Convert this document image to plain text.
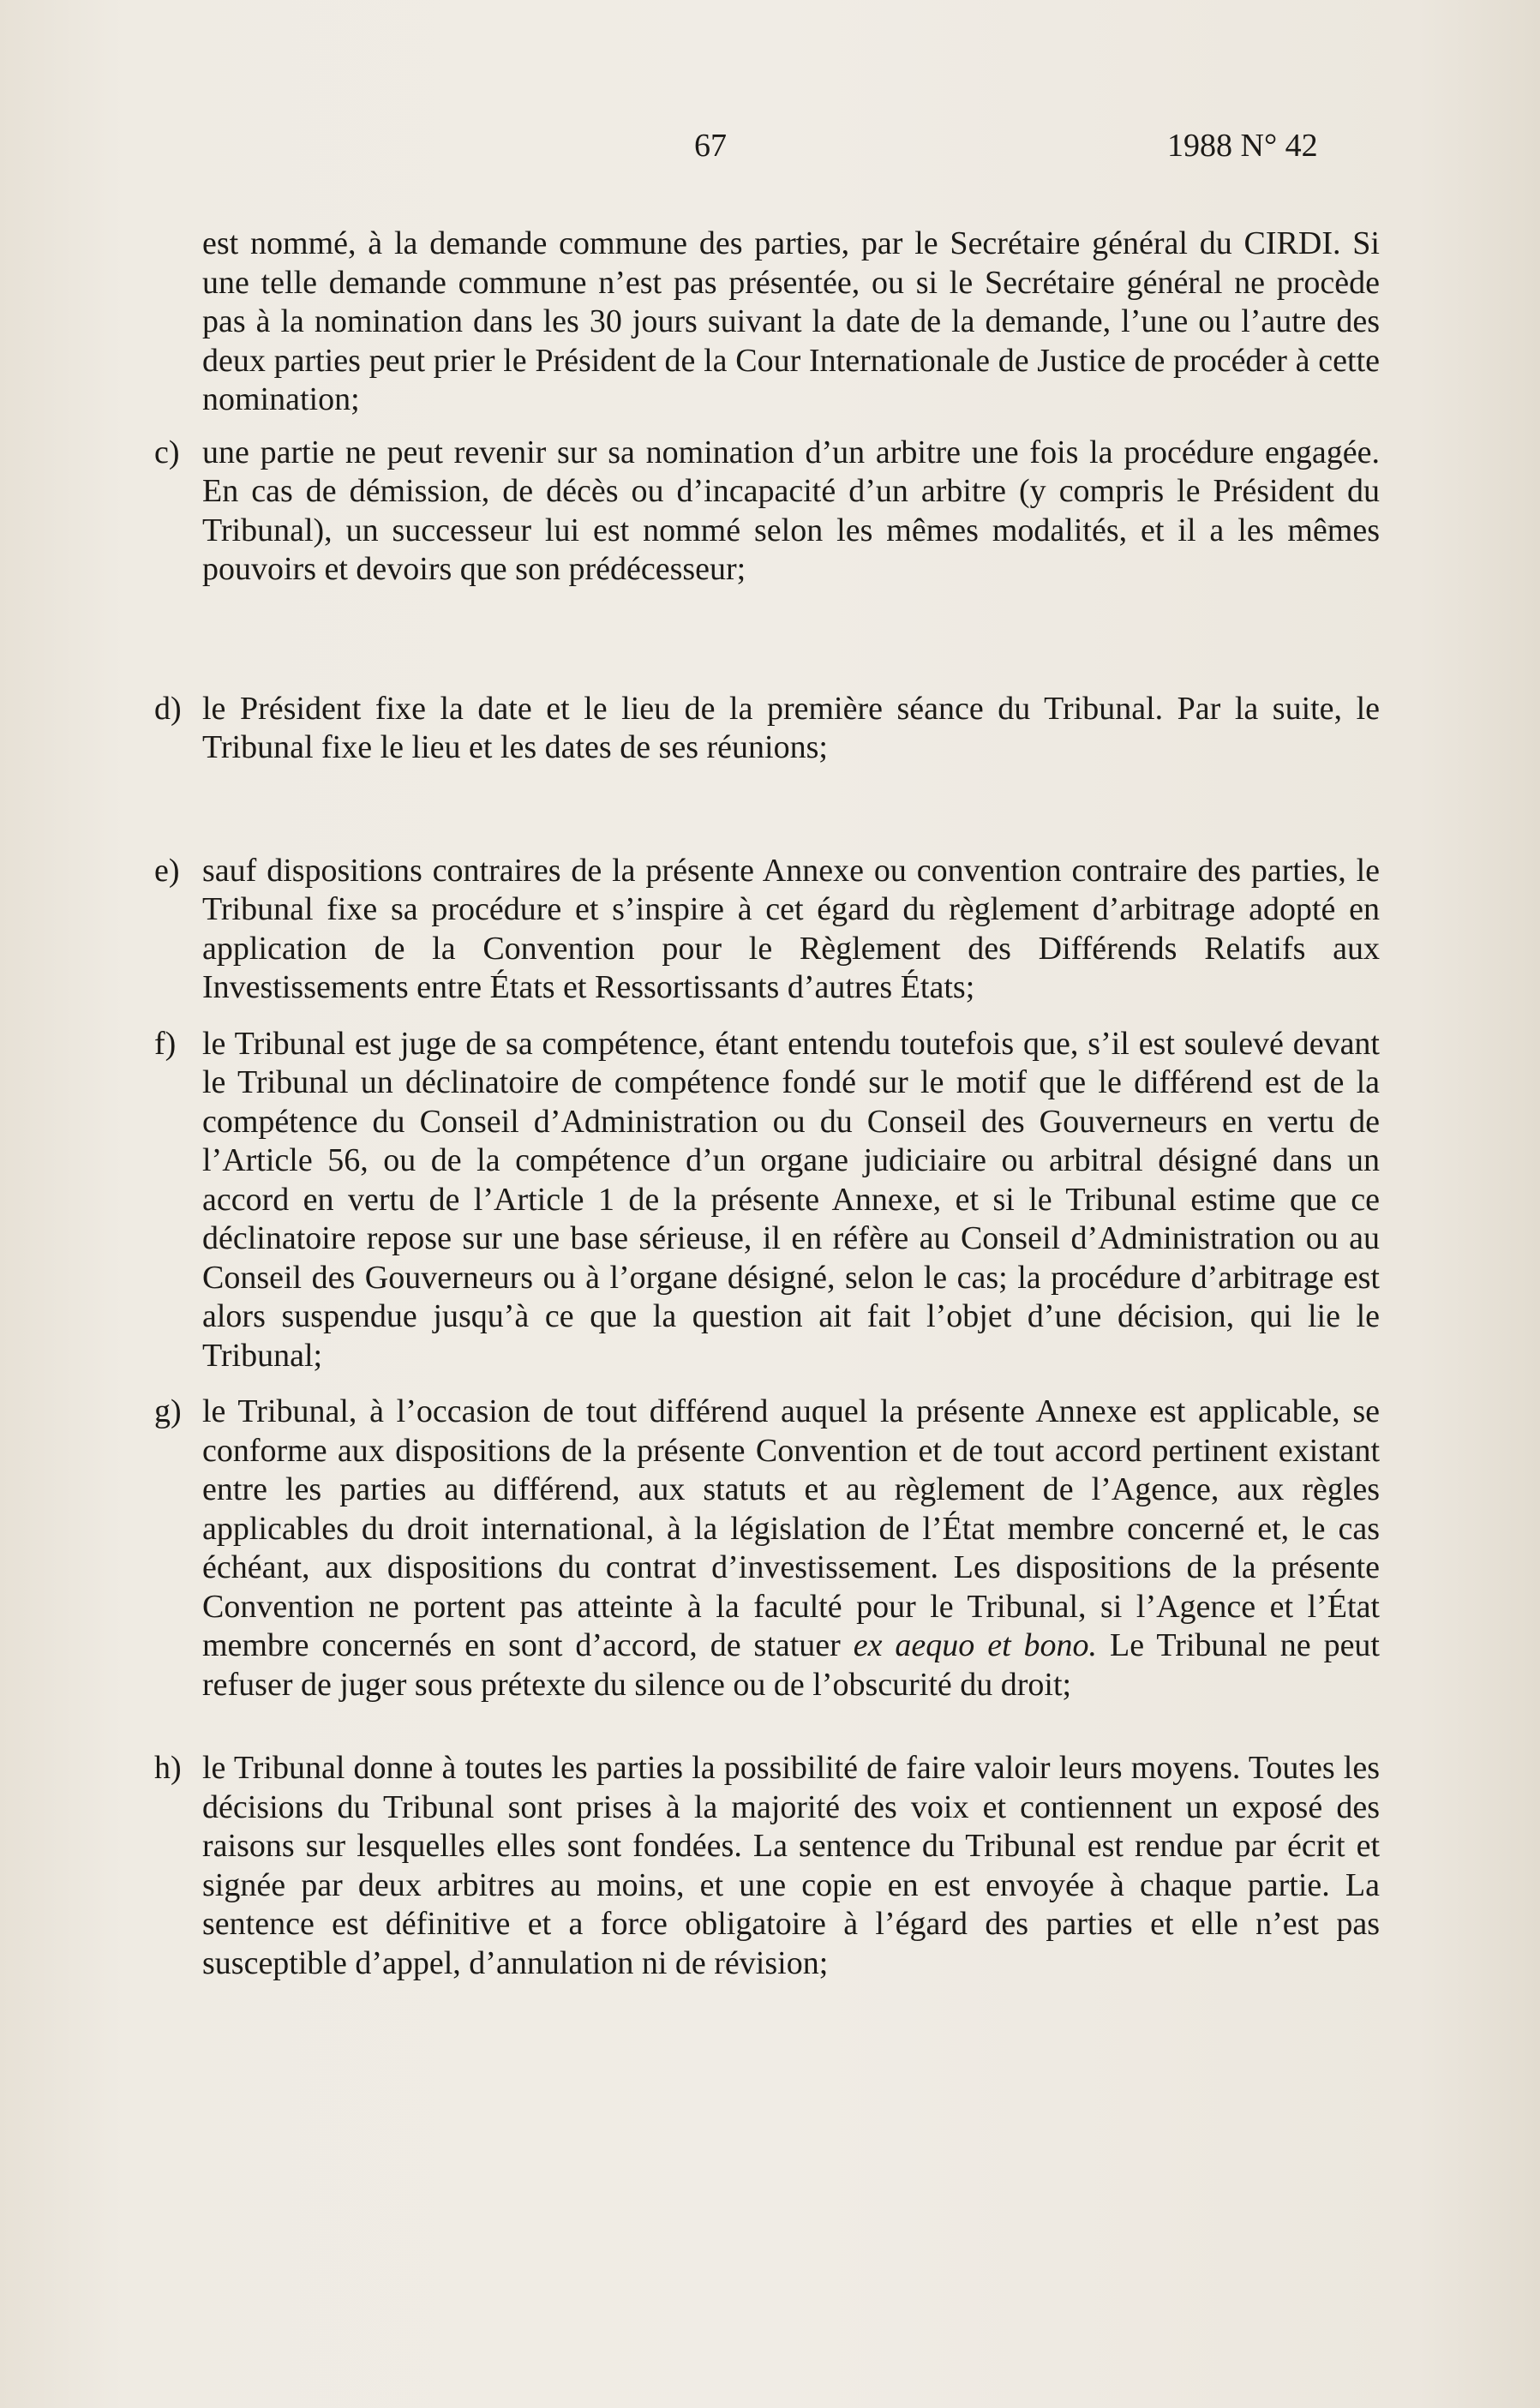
67	1988 N° 42

est nommé, à la demande commune des parties, par le Secrétaire général du CIRDI. Si une telle demande commune n’est pas présentée, ou si le Secrétaire général ne procède pas à la nomination dans les 30 jours suivant la date de la demande, l’une ou l’autre des deux parties peut prier le Président de la Cour Internationale de Justice de procéder à cette nomination;

c) une partie ne peut revenir sur sa nomination d’un arbitre une fois la procédure engagée. En cas de démission, de décès ou d’incapacité d’un arbitre (y compris le Président du Tribunal), un successeur lui est nommé selon les mêmes modalités, et il a les mêmes pouvoirs et devoirs que son prédécesseur;

d) le Président fixe la date et le lieu de la première séance du Tribunal. Par la suite, le Tribunal fixe le lieu et les dates de ses réunions;

e) sauf dispositions contraires de la présente Annexe ou convention contraire des parties, le Tribunal fixe sa procédure et s’inspire à cet égard du règlement d’arbitrage adopté en application de la Convention pour le Règlement des Différends Relatifs aux Investissements entre États et Ressortissants d’autres États;

f) le Tribunal est juge de sa compétence, étant entendu toutefois que, s’il est soulevé devant le Tribunal un déclinatoire de compétence fondé sur le motif que le différend est de la compétence du Conseil d’Administration ou du Conseil des Gouverneurs en vertu de l’Article 56, ou de la compétence d’un organe judiciaire ou arbitral désigné dans un accord en vertu de l’Article 1 de la présente Annexe, et si le Tribunal estime que ce déclinatoire repose sur une base sérieuse, il en réfère au Conseil d’Administration ou au Conseil des Gouverneurs ou à l’organe désigné, selon le cas; la procédure d’arbitrage est alors suspendue jusqu’à ce que la question ait fait l’objet d’une décision, qui lie le Tribunal;

g) le Tribunal, à l’occasion de tout différend auquel la présente Annexe est applicable, se conforme aux dispositions de la présente Convention et de tout accord pertinent existant entre les parties au différend, aux statuts et au règlement de l’Agence, aux règles applicables du droit international, à la législation de l’État membre concerné et, le cas échéant, aux dispositions du contrat d’investissement. Les dispositions de la présente Convention ne portent pas atteinte à la faculté pour le Tribunal, si l’Agence et l’État membre concernés en sont d’accord, de statuer ex aequo et bono. Le Tribunal ne peut refuser de juger sous prétexte du silence ou de l’obscurité du droit;

h) le Tribunal donne à toutes les parties la possibilité de faire valoir leurs moyens. Toutes les décisions du Tribunal sont prises à la majorité des voix et contiennent un exposé des raisons sur lesquelles elles sont fondées. La sentence du Tribunal est rendue par écrit et signée par deux arbitres au moins, et une copie en est envoyée à chaque partie. La sentence est définitive et a force obligatoire à l’égard des parties et elle n’est pas susceptible d’appel, d’annulation ni de révision;
